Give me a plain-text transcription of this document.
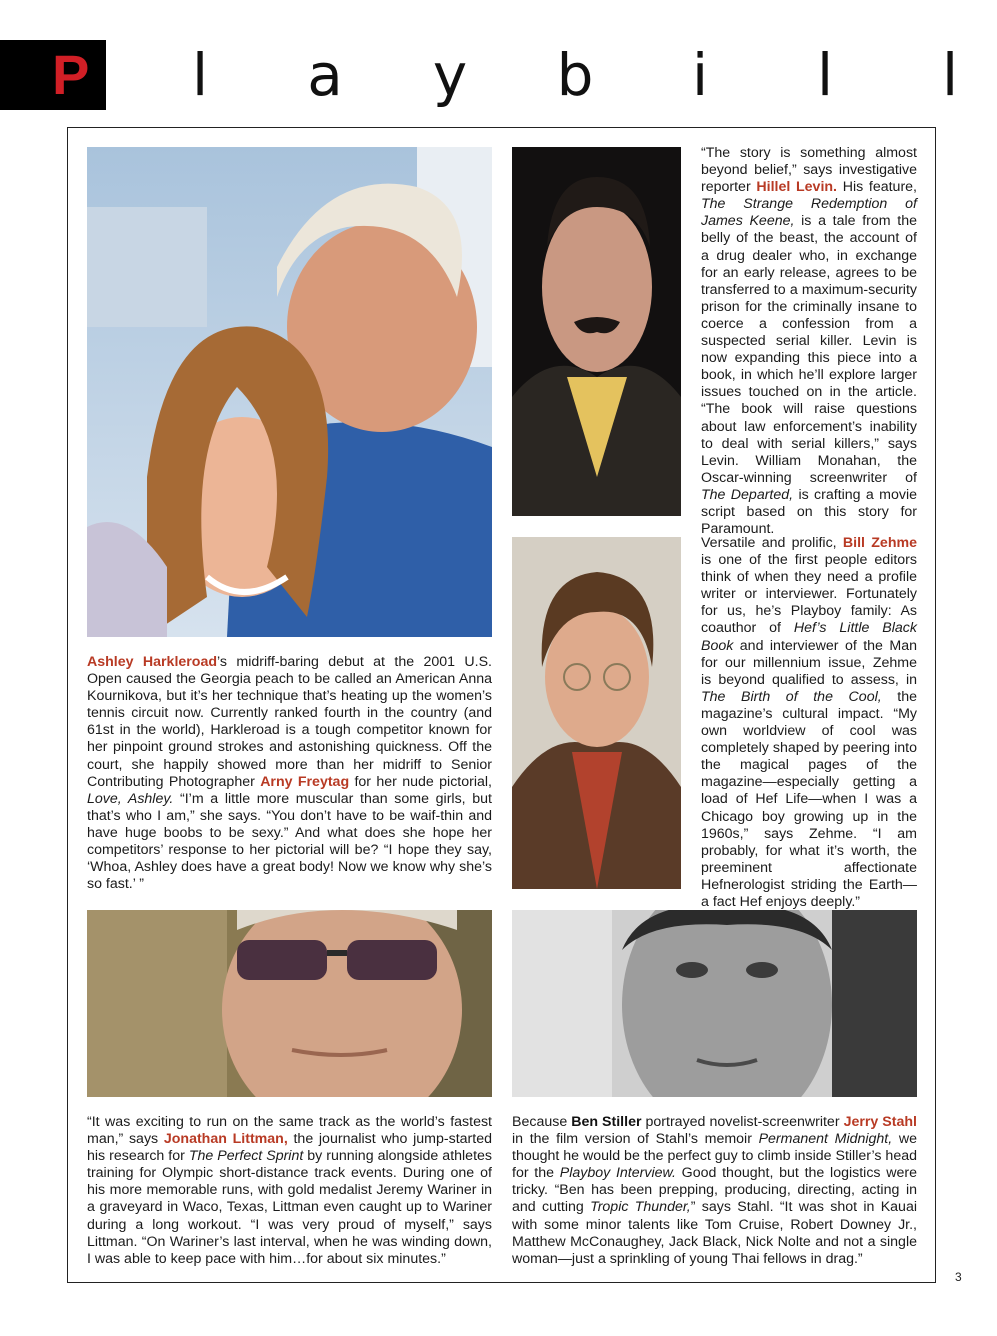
P l a y b i l l
Ashley Harkleroad’s midriff-baring debut at the 2001 U.S. Open caused the Georgia peach to be called an American Anna Kournikova, but it’s her technique that’s heating up the women’s tennis circuit now. Currently ranked fourth in the country (and 61st in the world), Harkleroad is a tough competitor known for her pinpoint ground strokes and astonishing quickness. Off the court, she happily showed more than her midriff to Senior Contributing Photographer Arny Freytag for her nude pictorial, Love, Ashley. “I’m a little more muscular than some girls, but that’s who I am,” she says. “You don’t have to be waif-thin and have huge boobs to be sexy.” And what does she hope her competitors’ response to her pictorial will be? “I hope they say, ‘Whoa, Ashley does have a great body! Now we know why she’s so fast.’ ”
“The story is something almost beyond belief,” says investigative reporter Hillel Levin. His feature, The Strange Redemption of James Keene, is a tale from the belly of the beast, the account of a drug dealer who, in exchange for an early release, agrees to be transferred to a maximum-security prison for the criminally insane to coerce a confession from a suspected serial killer. Levin is now expanding this piece into a book, in which he’ll explore larger issues touched on in the article. “The book will raise questions about law enforcement’s inability to deal with serial killers,” says Levin. William Monahan, the Oscar-winning screenwriter of The Departed, is crafting a movie script based on this story for Paramount.
Versatile and prolific, Bill Zehme is one of the first people editors think of when they need a profile writer or interviewer. Fortunately for us, he’s Playboy family: As coauthor of Hef’s Little Black Book and interviewer of the Man for our millennium issue, Zehme is beyond qualified to assess, in The Birth of the Cool, the magazine’s cultural impact. “My own worldview of cool was completely shaped by peering into the magical pages of the magazine—especially getting a load of Hef Life—when I was a Chicago boy growing up in the 1960s,” says Zehme. “I am probably, for what it’s worth, the preeminent affectionate Hefnerologist striding the Earth—a fact Hef enjoys deeply.”
“It was exciting to run on the same track as the world’s fastest man,” says Jonathan Littman, the journalist who jump-started his research for The Perfect Sprint by running alongside athletes training for Olympic short-distance track events. During one of his more memorable runs, with gold medalist Jeremy Wariner in a graveyard in Waco, Texas, Littman even caught up to Wariner during a long workout. “I was very proud of myself,” says Littman. “On Wariner’s last interval, when he was winding down, I was able to keep pace with him…for about six minutes.”
Because Ben Stiller portrayed novelist-screenwriter Jerry Stahl in the film version of Stahl’s memoir Permanent Midnight, we thought he would be the perfect guy to climb inside Stiller’s head for the Playboy Interview. Good thought, but the logistics were tricky. “Ben has been prepping, producing, directing, acting in and cutting Tropic Thunder,” says Stahl. “It was shot in Kauai with some minor talents like Tom Cruise, Robert Downey Jr., Matthew McConaughey, Jack Black, Nick Nolte and not a single woman—just a sprinkling of young Thai fellows in drag.”
3
